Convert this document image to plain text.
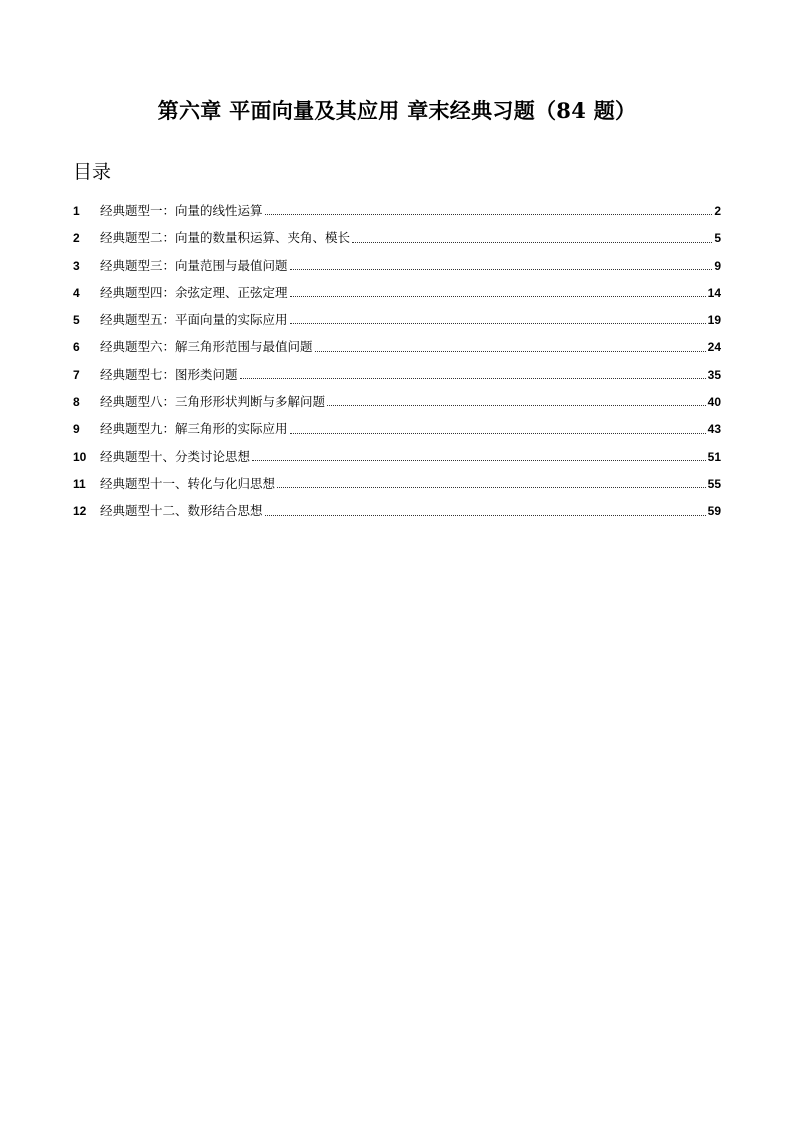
第六章 平面向量及其应用 章末经典习题（84 题）
目录
1	经典题型一：向量的线性运算	2
2	经典题型二：向量的数量积运算、夹角、模长	5
3	经典题型三：向量范围与最值问题	9
4	经典题型四：余弦定理、正弦定理	14
5	经典题型五：平面向量的实际应用	19
6	经典题型六：解三角形范围与最值问题	24
7	经典题型七：图形类问题	35
8	经典题型八：三角形形状判断与多解问题	40
9	经典题型九：解三角形的实际应用	43
10	经典题型十、分类讨论思想	51
11	经典题型十一、转化与化归思想	55
12	经典题型十二、数形结合思想	59
